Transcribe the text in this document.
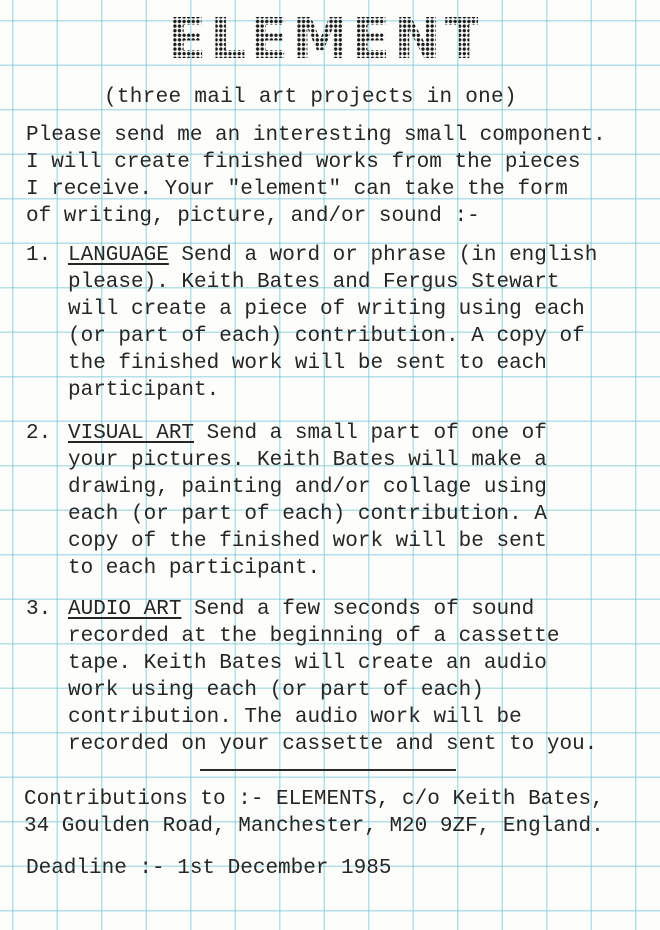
ELEMENTS
(three mail art projects in one)
Please send me an interesting small component.
I will create finished works from the pieces
I receive. Your "element" can take the form
of writing, picture, and/or sound :-
1. LANGUAGE Send a word or phrase (in english
please). Keith Bates and Fergus Stewart
will create a piece of writing using each
(or part of each) contribution. A copy of
the finished work will be sent to each
participant.
2. VISUAL ART Send a small part of one of
your pictures. Keith Bates will make a
drawing, painting and/or collage using
each (or part of each) contribution. A
copy of the finished work will be sent
to each participant.
3. AUDIO ART Send a few seconds of sound
recorded at the beginning of a cassette
tape. Keith Bates will create an audio
work using each (or part of each)
contribution. The audio work will be
recorded on your cassette and sent to you.
Contributions to :- ELEMENTS, c/o Keith Bates,
34 Goulden Road, Manchester, M20 9ZF, England.
Deadline :- 1st December 1985
